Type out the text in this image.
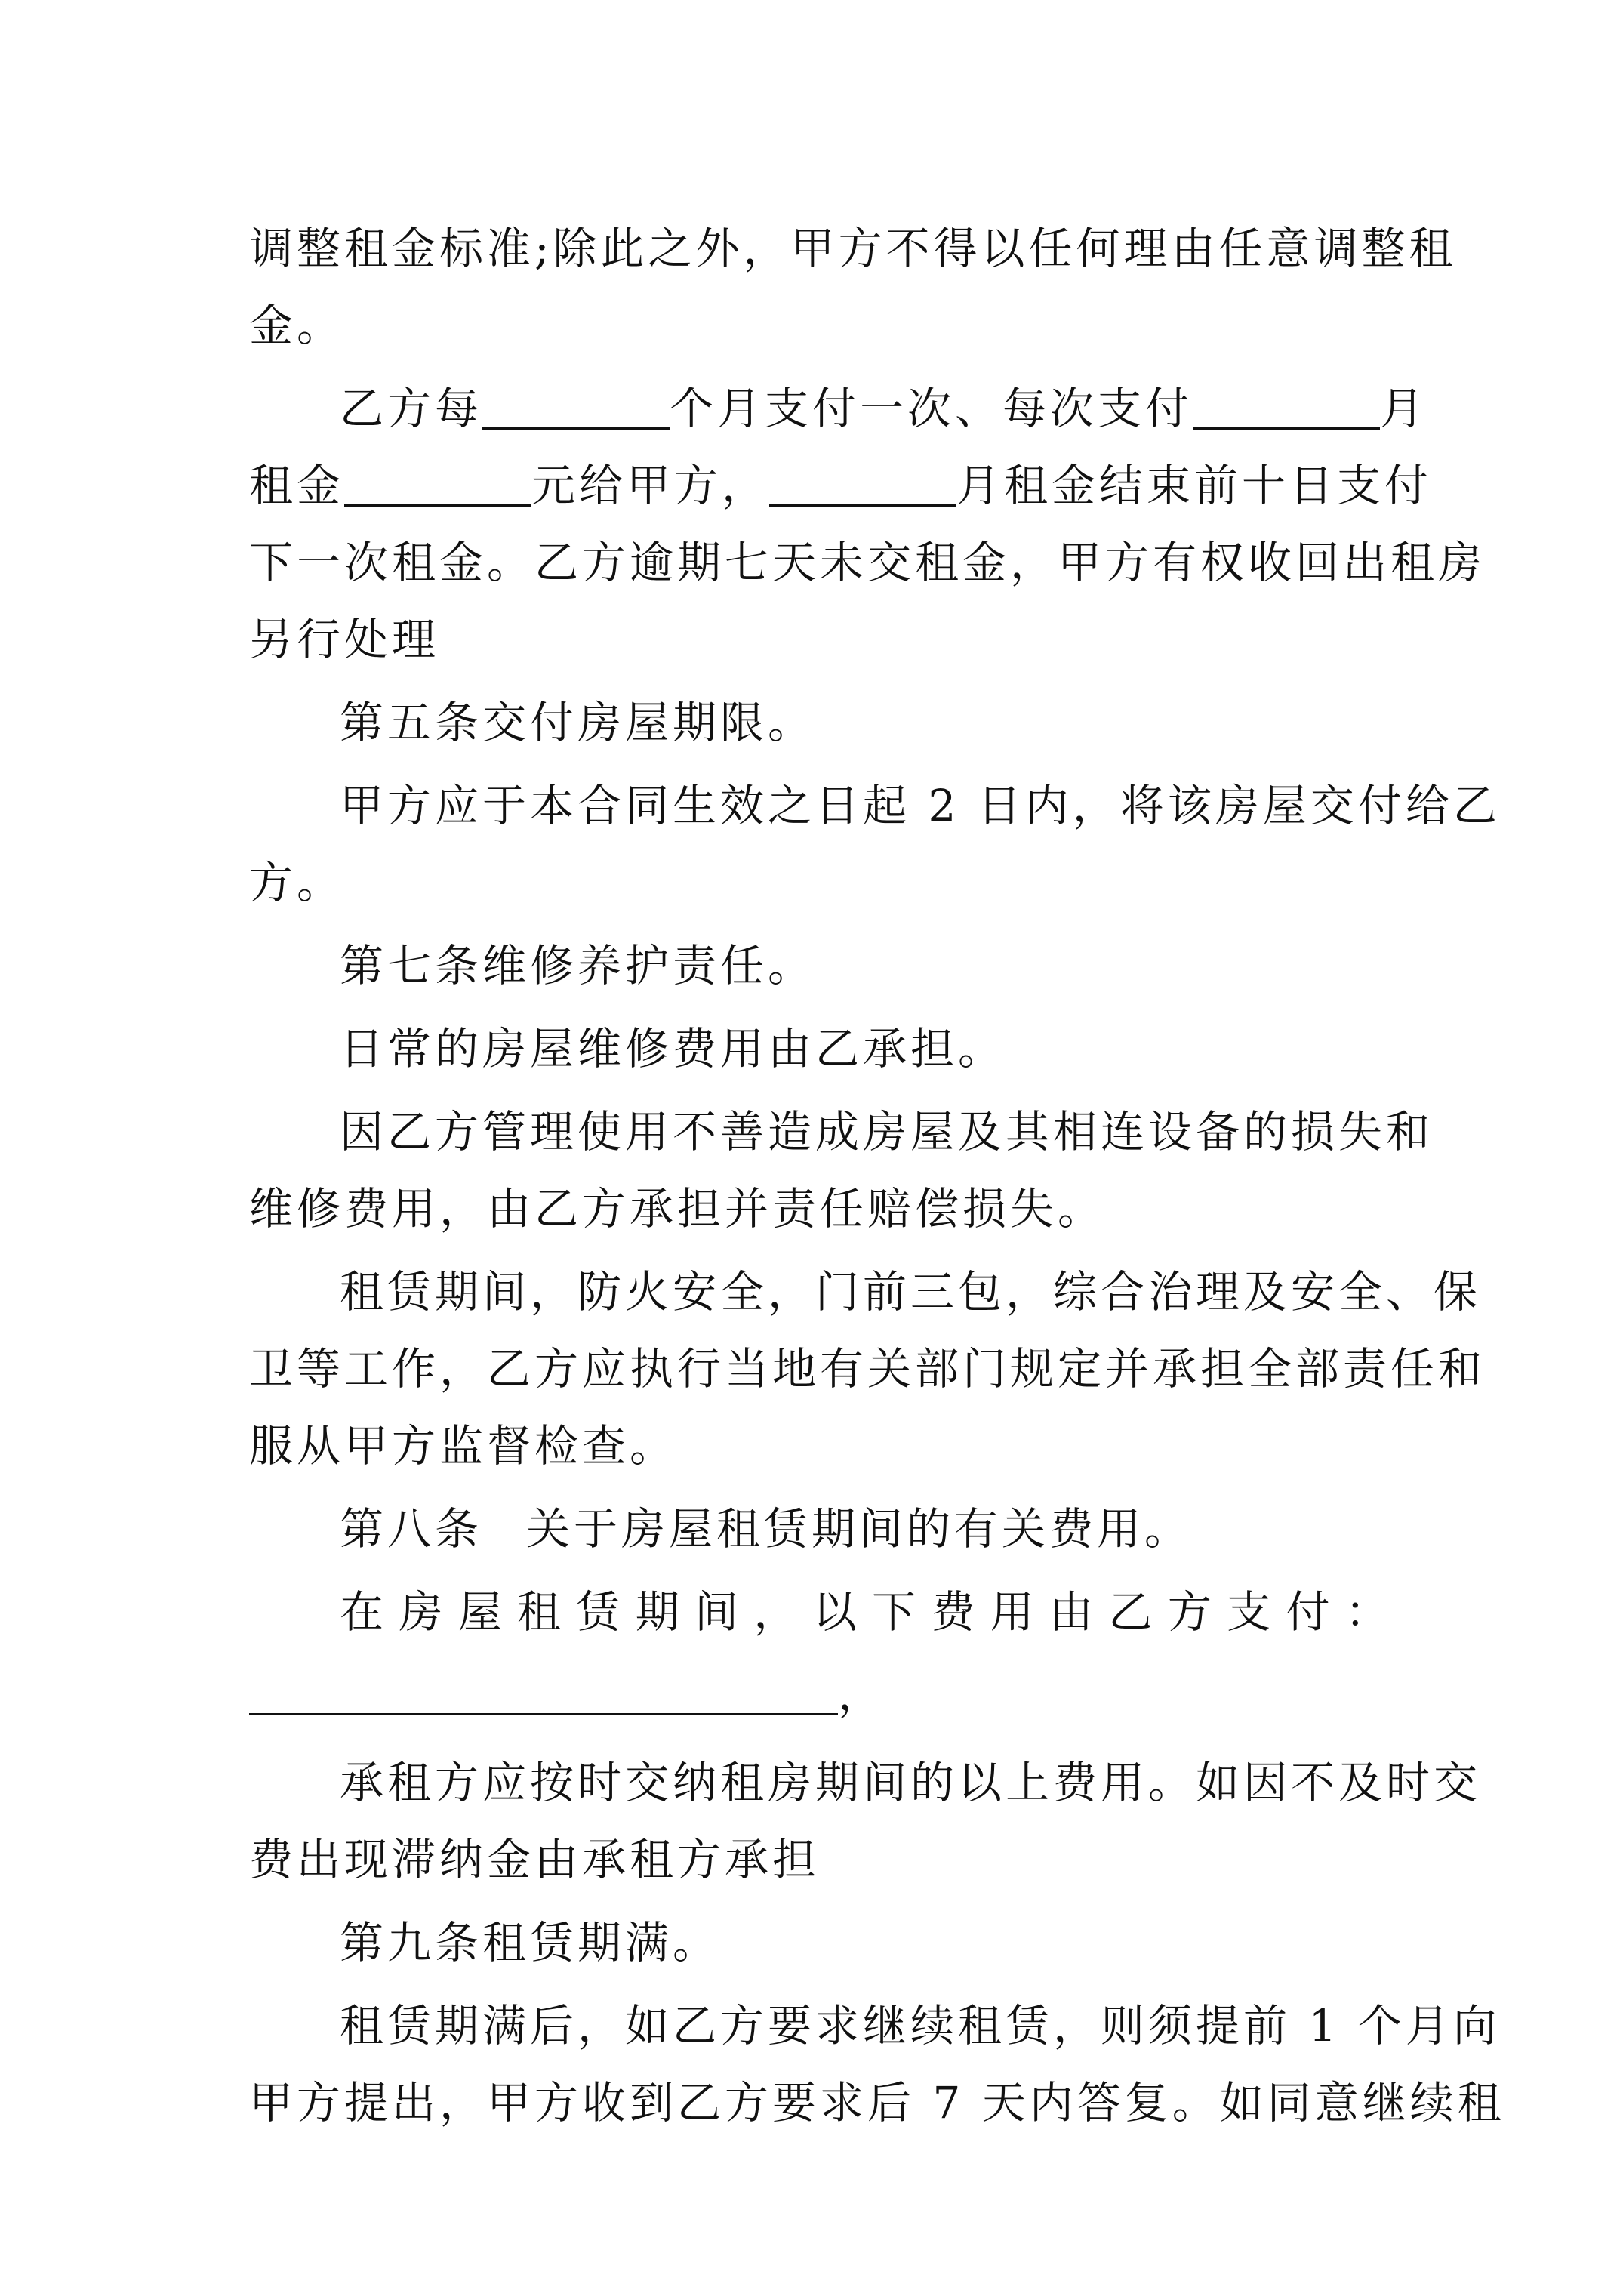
调整租金标准;除此之外，甲方不得以任何理由任意调整租
金。
乙方每	个月支付一次、每次支付	月
租金	元给甲方，	月租金结束前十日支付
下一次租金。乙方逾期七天未交租金，甲方有权收回出租房
另行处理
第五条交付房屋期限。
甲方应于本合同生效之日起 2 日内，将该房屋交付给乙
方。
第七条维修养护责任。
日常的房屋维修费用由乙承担。
因乙方管理使用不善造成房屋及其相连设备的损失和
维修费用，由乙方承担并责任赔偿损失。
租赁期间，防火安全，门前三包，综合治理及安全、保
卫等工作，乙方应执行当地有关部门规定并承担全部责任和
服从甲方监督检查。
第八条 关于房屋租赁期间的有关费用。
在 房 屋 租 赁 期 间 ， 以 下 费 用 由 乙 方 支 付 ：
，
承租方应按时交纳租房期间的以上费用。如因不及时交
费出现滞纳金由承租方承担
第九条租赁期满。
租赁期满后，如乙方要求继续租赁，则须提前 1 个月向
甲方提出，甲方收到乙方要求后 7 天内答复。如同意继续租
